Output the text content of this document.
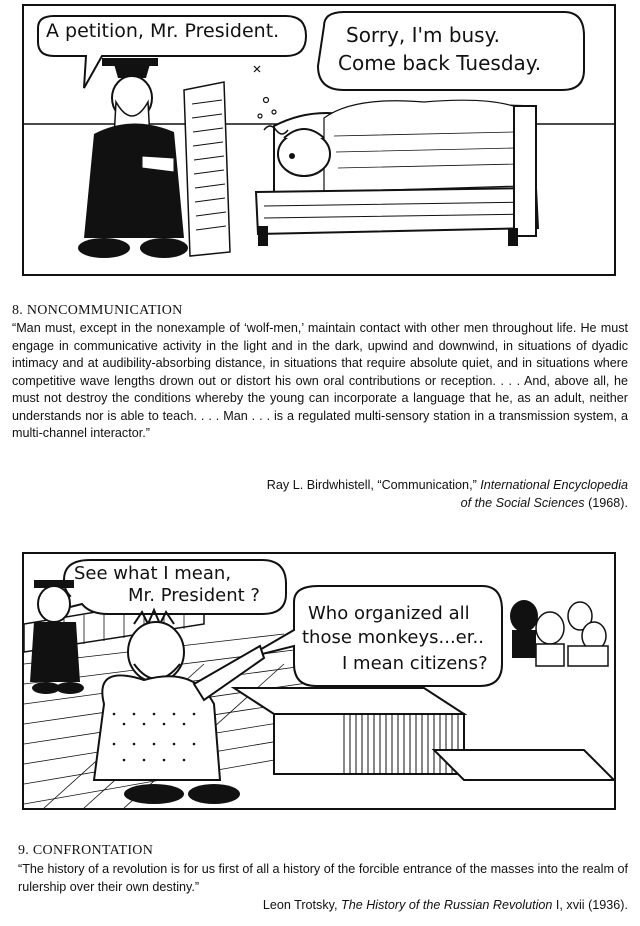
A petition, Mr. President.	Sorry, I'm busy.
Come back Tuesday.
8. NONCOMMUNICATION

“Man must, except in the nonexample of ‘wolf-men,’ maintain contact with other men throughout life. He must engage in communicative activity in the light and in the dark, upwind and downwind, in situations of dyadic intimacy and at audibility-absorbing distance, in situations that require absolute quiet, and in situations where competitive wave lengths drown out or distort his own oral contributions or reception. . . . And, above all, he must not destroy the conditions whereby the young can incorporate a language that he, as an adult, neither understands nor is able to teach. . . . Man . . . is a regulated multi-sensory station in a transmission system, a multi-channel interactor.”

Ray L. Birdwhistell, “Communication,” International Encyclopedia
of the Social Sciences (1968).
See what I mean,
Mr. President ?
Who organized all
those monkeys...er..
I mean citizens?
9. CONFRONTATION

“The history of a revolution is for us first of all a history of the forcible entrance of the masses into the realm of rulership over their own destiny.”

Leon Trotsky, The History of the Russian Revolution I, xvii (1936).
